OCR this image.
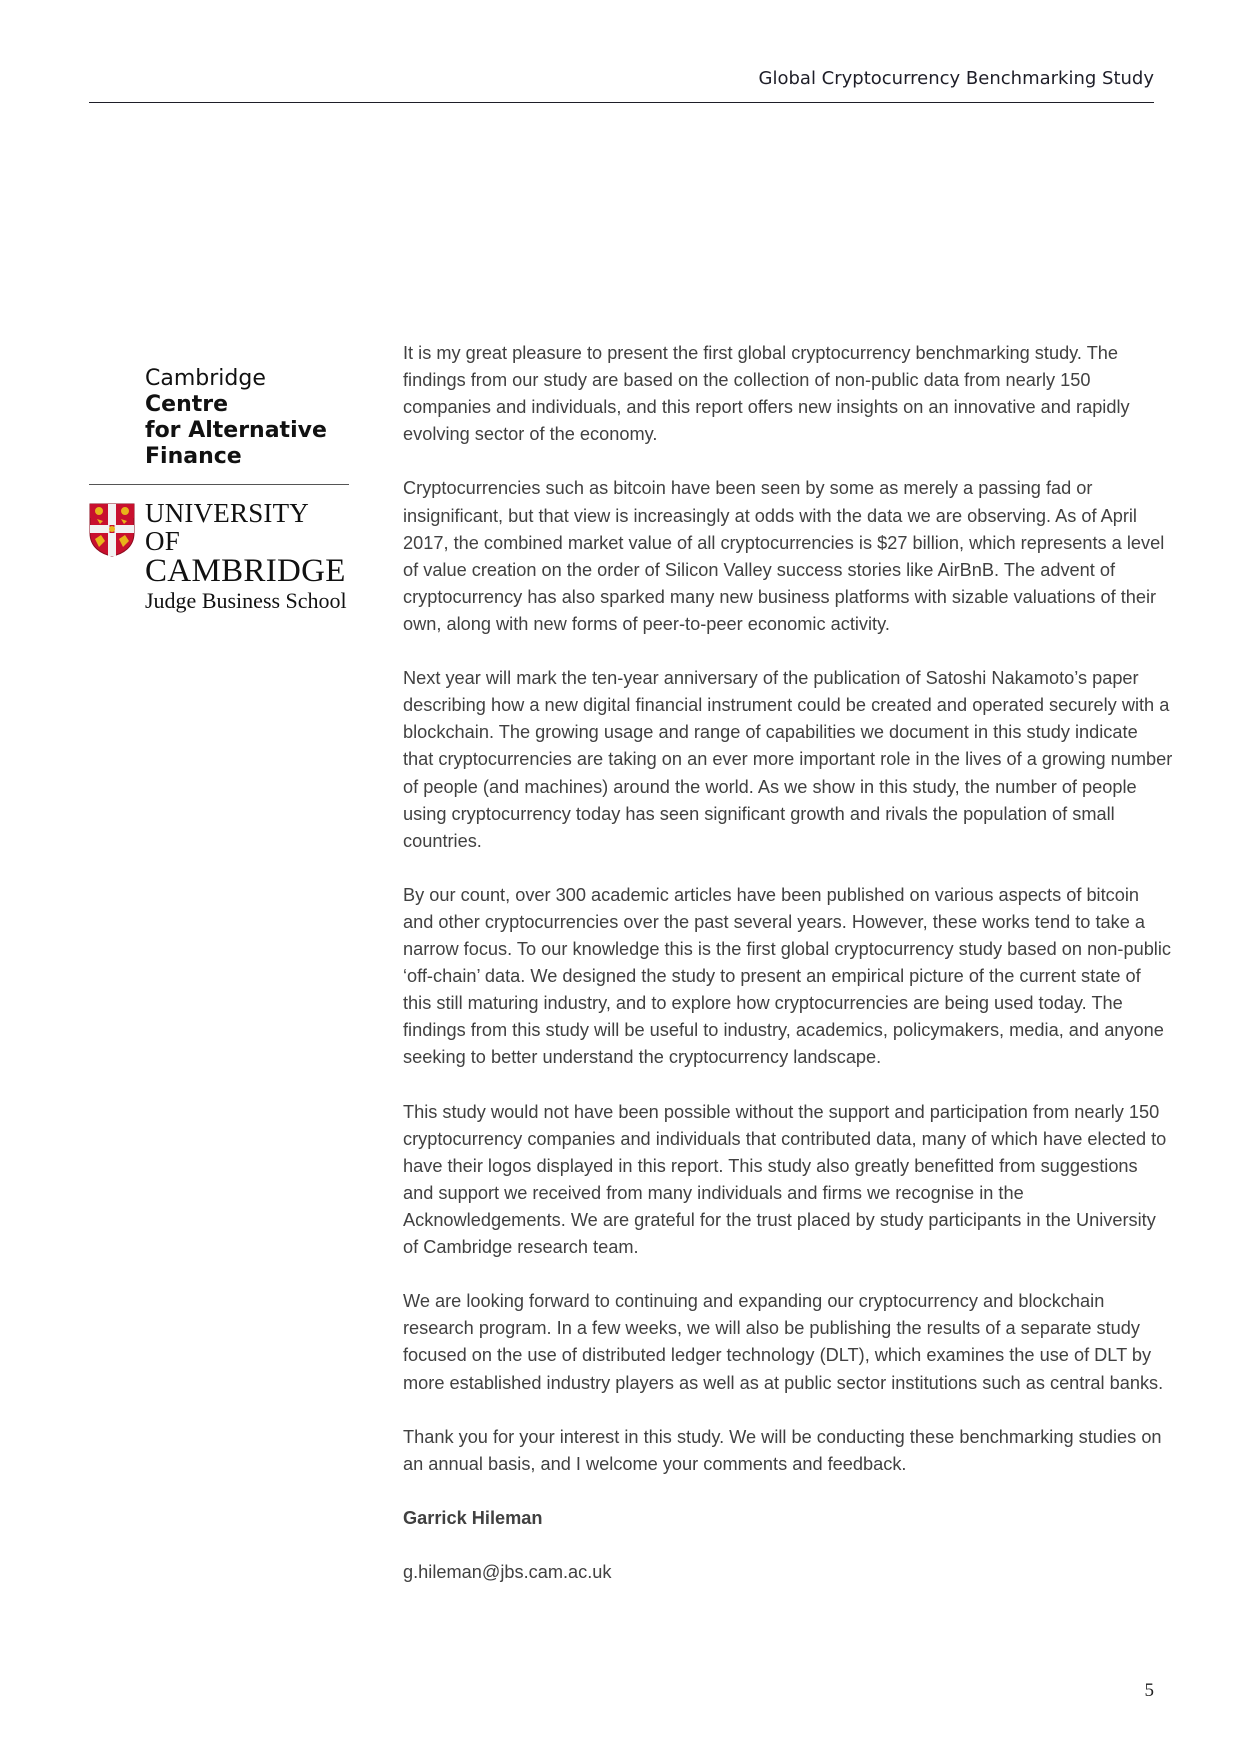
Global Cryptocurrency Benchmarking Study
Cambridge
Centre
for Alternative
Finance
UNIVERSITY OF
CAMBRIDGE
Judge Business School

It is my great pleasure to present the first global cryptocurrency benchmarking study. The findings from our study are based on the collection of non-public data from nearly 150 companies and individuals, and this report offers new insights on an innovative and rapidly evolving sector of the economy.

Cryptocurrencies such as bitcoin have been seen by some as merely a passing fad or insignificant, but that view is increasingly at odds with the data we are observing. As of April 2017, the combined market value of all cryptocurrencies is $27 billion, which represents a level of value creation on the order of Silicon Valley success stories like AirBnB. The advent of cryptocurrency has also sparked many new business platforms with sizable valuations of their own, along with new forms of peer-to-peer economic activity.

Next year will mark the ten-year anniversary of the publication of Satoshi Nakamoto’s paper describing how a new digital financial instrument could be created and operated securely with a blockchain. The growing usage and range of capabilities we document in this study indicate that cryptocurrencies are taking on an ever more important role in the lives of a growing number of people (and machines) around the world. As we show in this study, the number of people using cryptocurrency today has seen significant growth and rivals the population of small countries.

By our count, over 300 academic articles have been published on various aspects of bitcoin and other cryptocurrencies over the past several years. However, these works tend to take a narrow focus. To our knowledge this is the first global cryptocurrency study based on non-public ‘off-chain’ data. We designed the study to present an empirical picture of the current state of this still maturing industry, and to explore how cryptocurrencies are being used today. The findings from this study will be useful to industry, academics, policymakers, media, and anyone seeking to better understand the cryptocurrency landscape.

This study would not have been possible without the support and participation from nearly 150 cryptocurrency companies and individuals that contributed data, many of which have elected to have their logos displayed in this report. This study also greatly benefitted from suggestions and support we received from many individuals and firms we recognise in the Acknowledgements. We are grateful for the trust placed by study participants in the University of Cambridge research team.

We are looking forward to continuing and expanding our cryptocurrency and blockchain research program. In a few weeks, we will also be publishing the results of a separate study focused on the use of distributed ledger technology (DLT), which examines the use of DLT by more established industry players as well as at public sector institutions such as central banks.

Thank you for your interest in this study. We will be conducting these benchmarking studies on an annual basis, and I welcome your comments and feedback.

Garrick Hileman

g.hileman@jbs.cam.ac.uk

5
